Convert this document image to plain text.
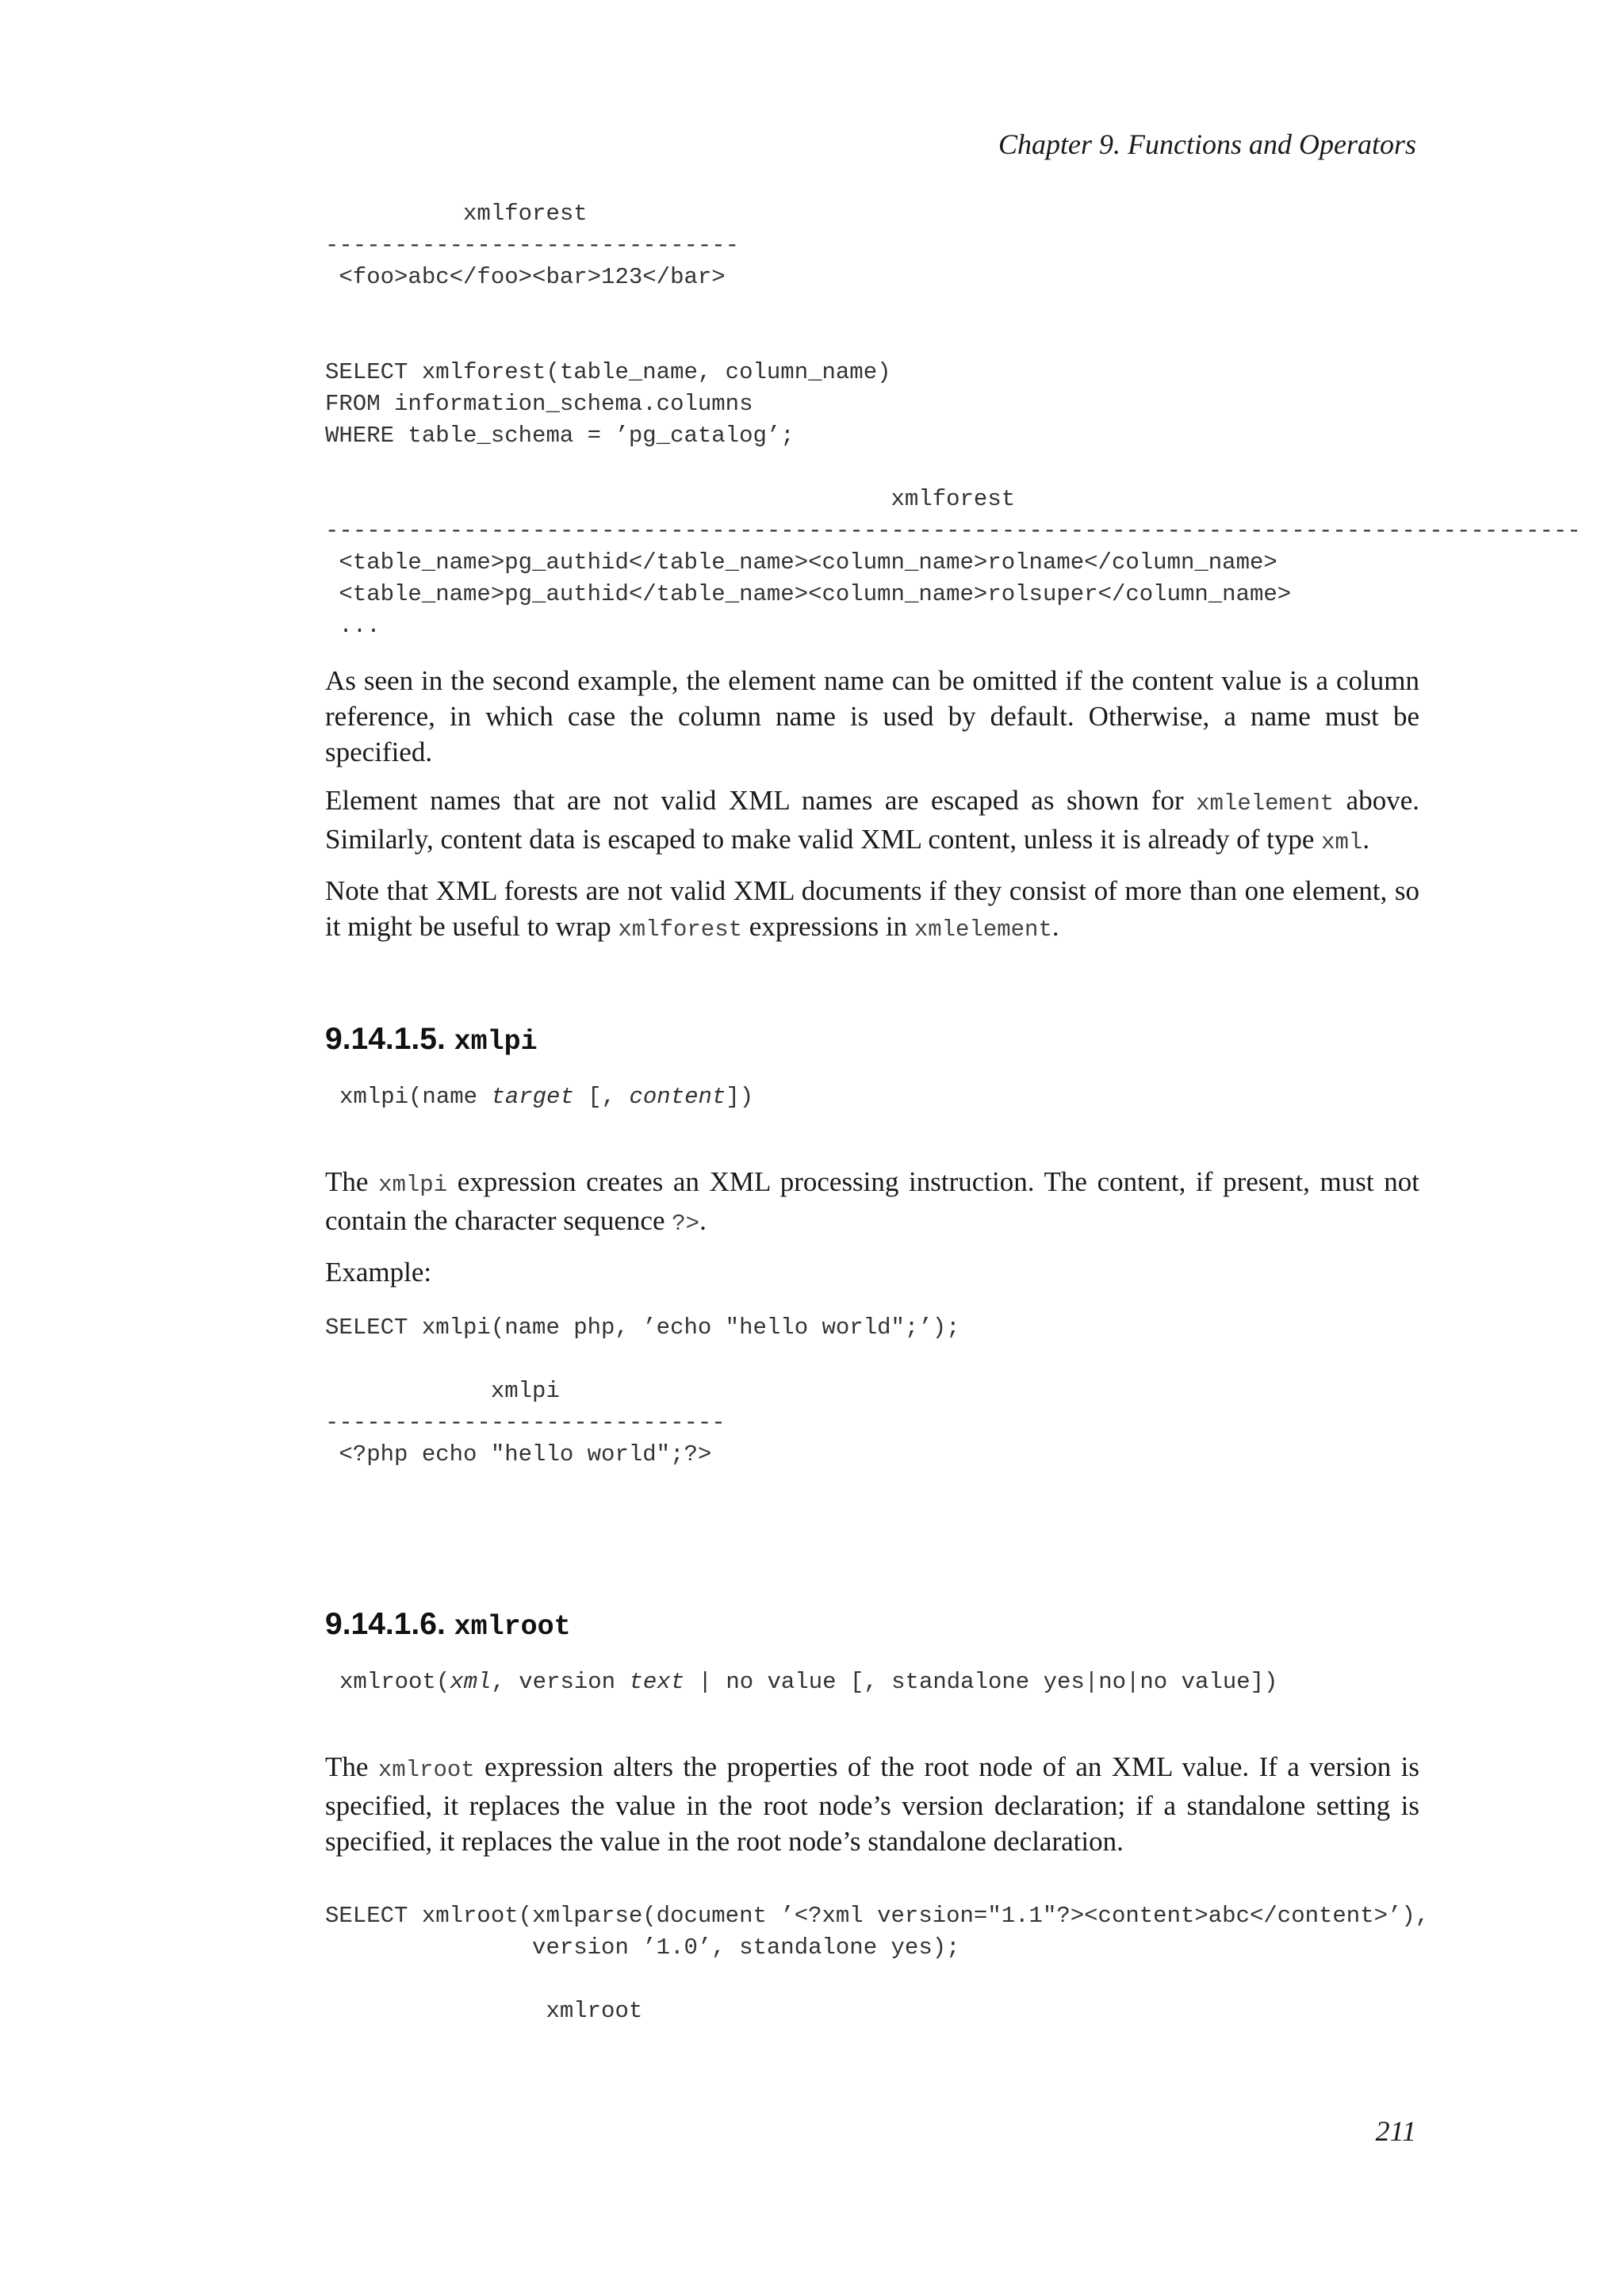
Chapter 9. Functions and Operators
xmlforest
------------------------------
<foo>abc</foo><bar>123</bar>
SELECT xmlforest(table_name, column_name)
FROM information_schema.columns
WHERE table_schema = ’pg_catalog’;
xmlforest
-------------------------------------------------------------------------------------------
<table_name>pg_authid</table_name><column_name>rolname</column_name>
<table_name>pg_authid</table_name><column_name>rolsuper</column_name>
...

As seen in the second example, the element name can be omitted if the content value is a column reference, in which case the column name is used by default. Otherwise, a name must be specified.

Element names that are not valid XML names are escaped as shown for xmlelement above. Similarly, content data is escaped to make valid XML content, unless it is already of type xml.

Note that XML forests are not valid XML documents if they consist of more than one element, so it might be useful to wrap xmlforest expressions in xmlelement.

9.14.1.5. xmlpi
xmlpi(name target [, content])

The xmlpi expression creates an XML processing instruction. The content, if present, must not contain the character sequence ?>.

Example:

SELECT xmlpi(name php, ’echo "hello world";’);
xmlpi
-----------------------------
<?php echo "hello world";?>
9.14.1.6. xmlroot
xmlroot(xml, version text | no value [, standalone yes|no|no value])

The xmlroot expression alters the properties of the root node of an XML value. If a version is specified, it replaces the value in the root node’s version declaration; if a standalone setting is specified, it replaces the value in the root node’s standalone declaration.

SELECT xmlroot(xmlparse(document ’<?xml version="1.1"?><content>abc</content>’),
version ’1.0’, standalone yes);
xmlroot
211
